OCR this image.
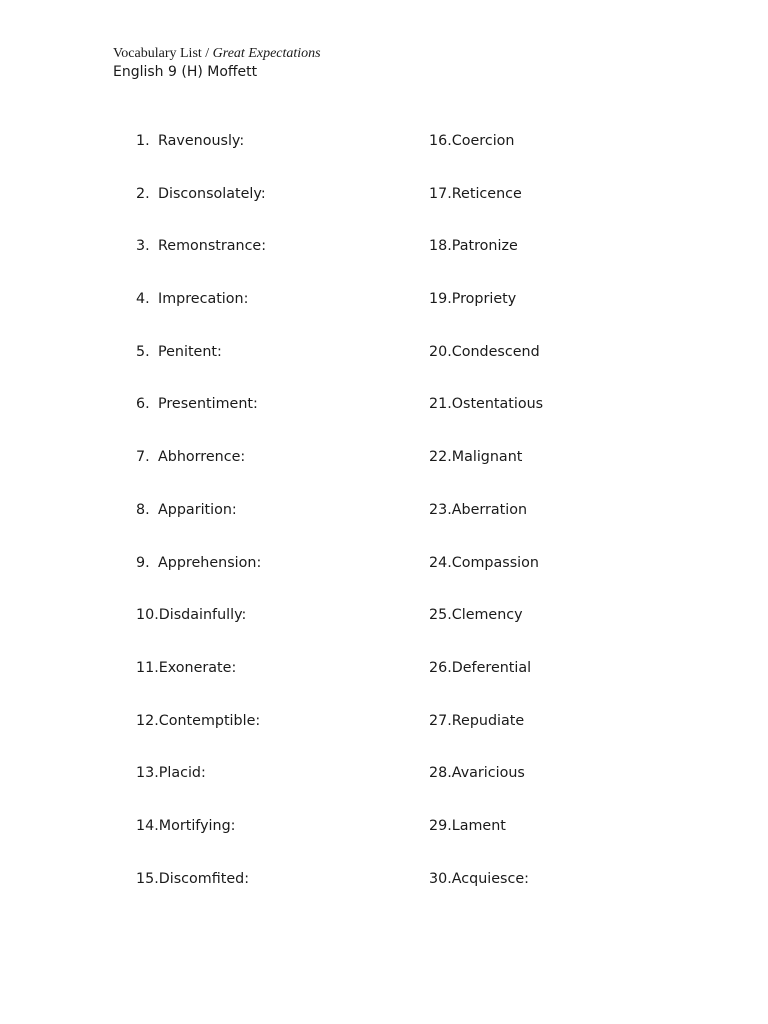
Vocabulary List / Great Expectations
English 9 (H) Moffett
1. Ravenously:
2. Disconsolately:
3. Remonstrance:
4. Imprecation:
5. Penitent:
6. Presentiment:
7. Abhorrence:
8. Apparition:
9. Apprehension:
10.Disdainfully:
11.Exonerate:
12.Contemptible:
13.Placid:
14.Mortifying:
15.Discomfited:
16.Coercion
17.Reticence
18.Patronize
19.Propriety
20.Condescend
21.Ostentatious
22.Malignant
23.Aberration
24.Compassion
25.Clemency
26.Deferential
27.Repudiate
28.Avaricious
29.Lament
30.Acquiesce:
